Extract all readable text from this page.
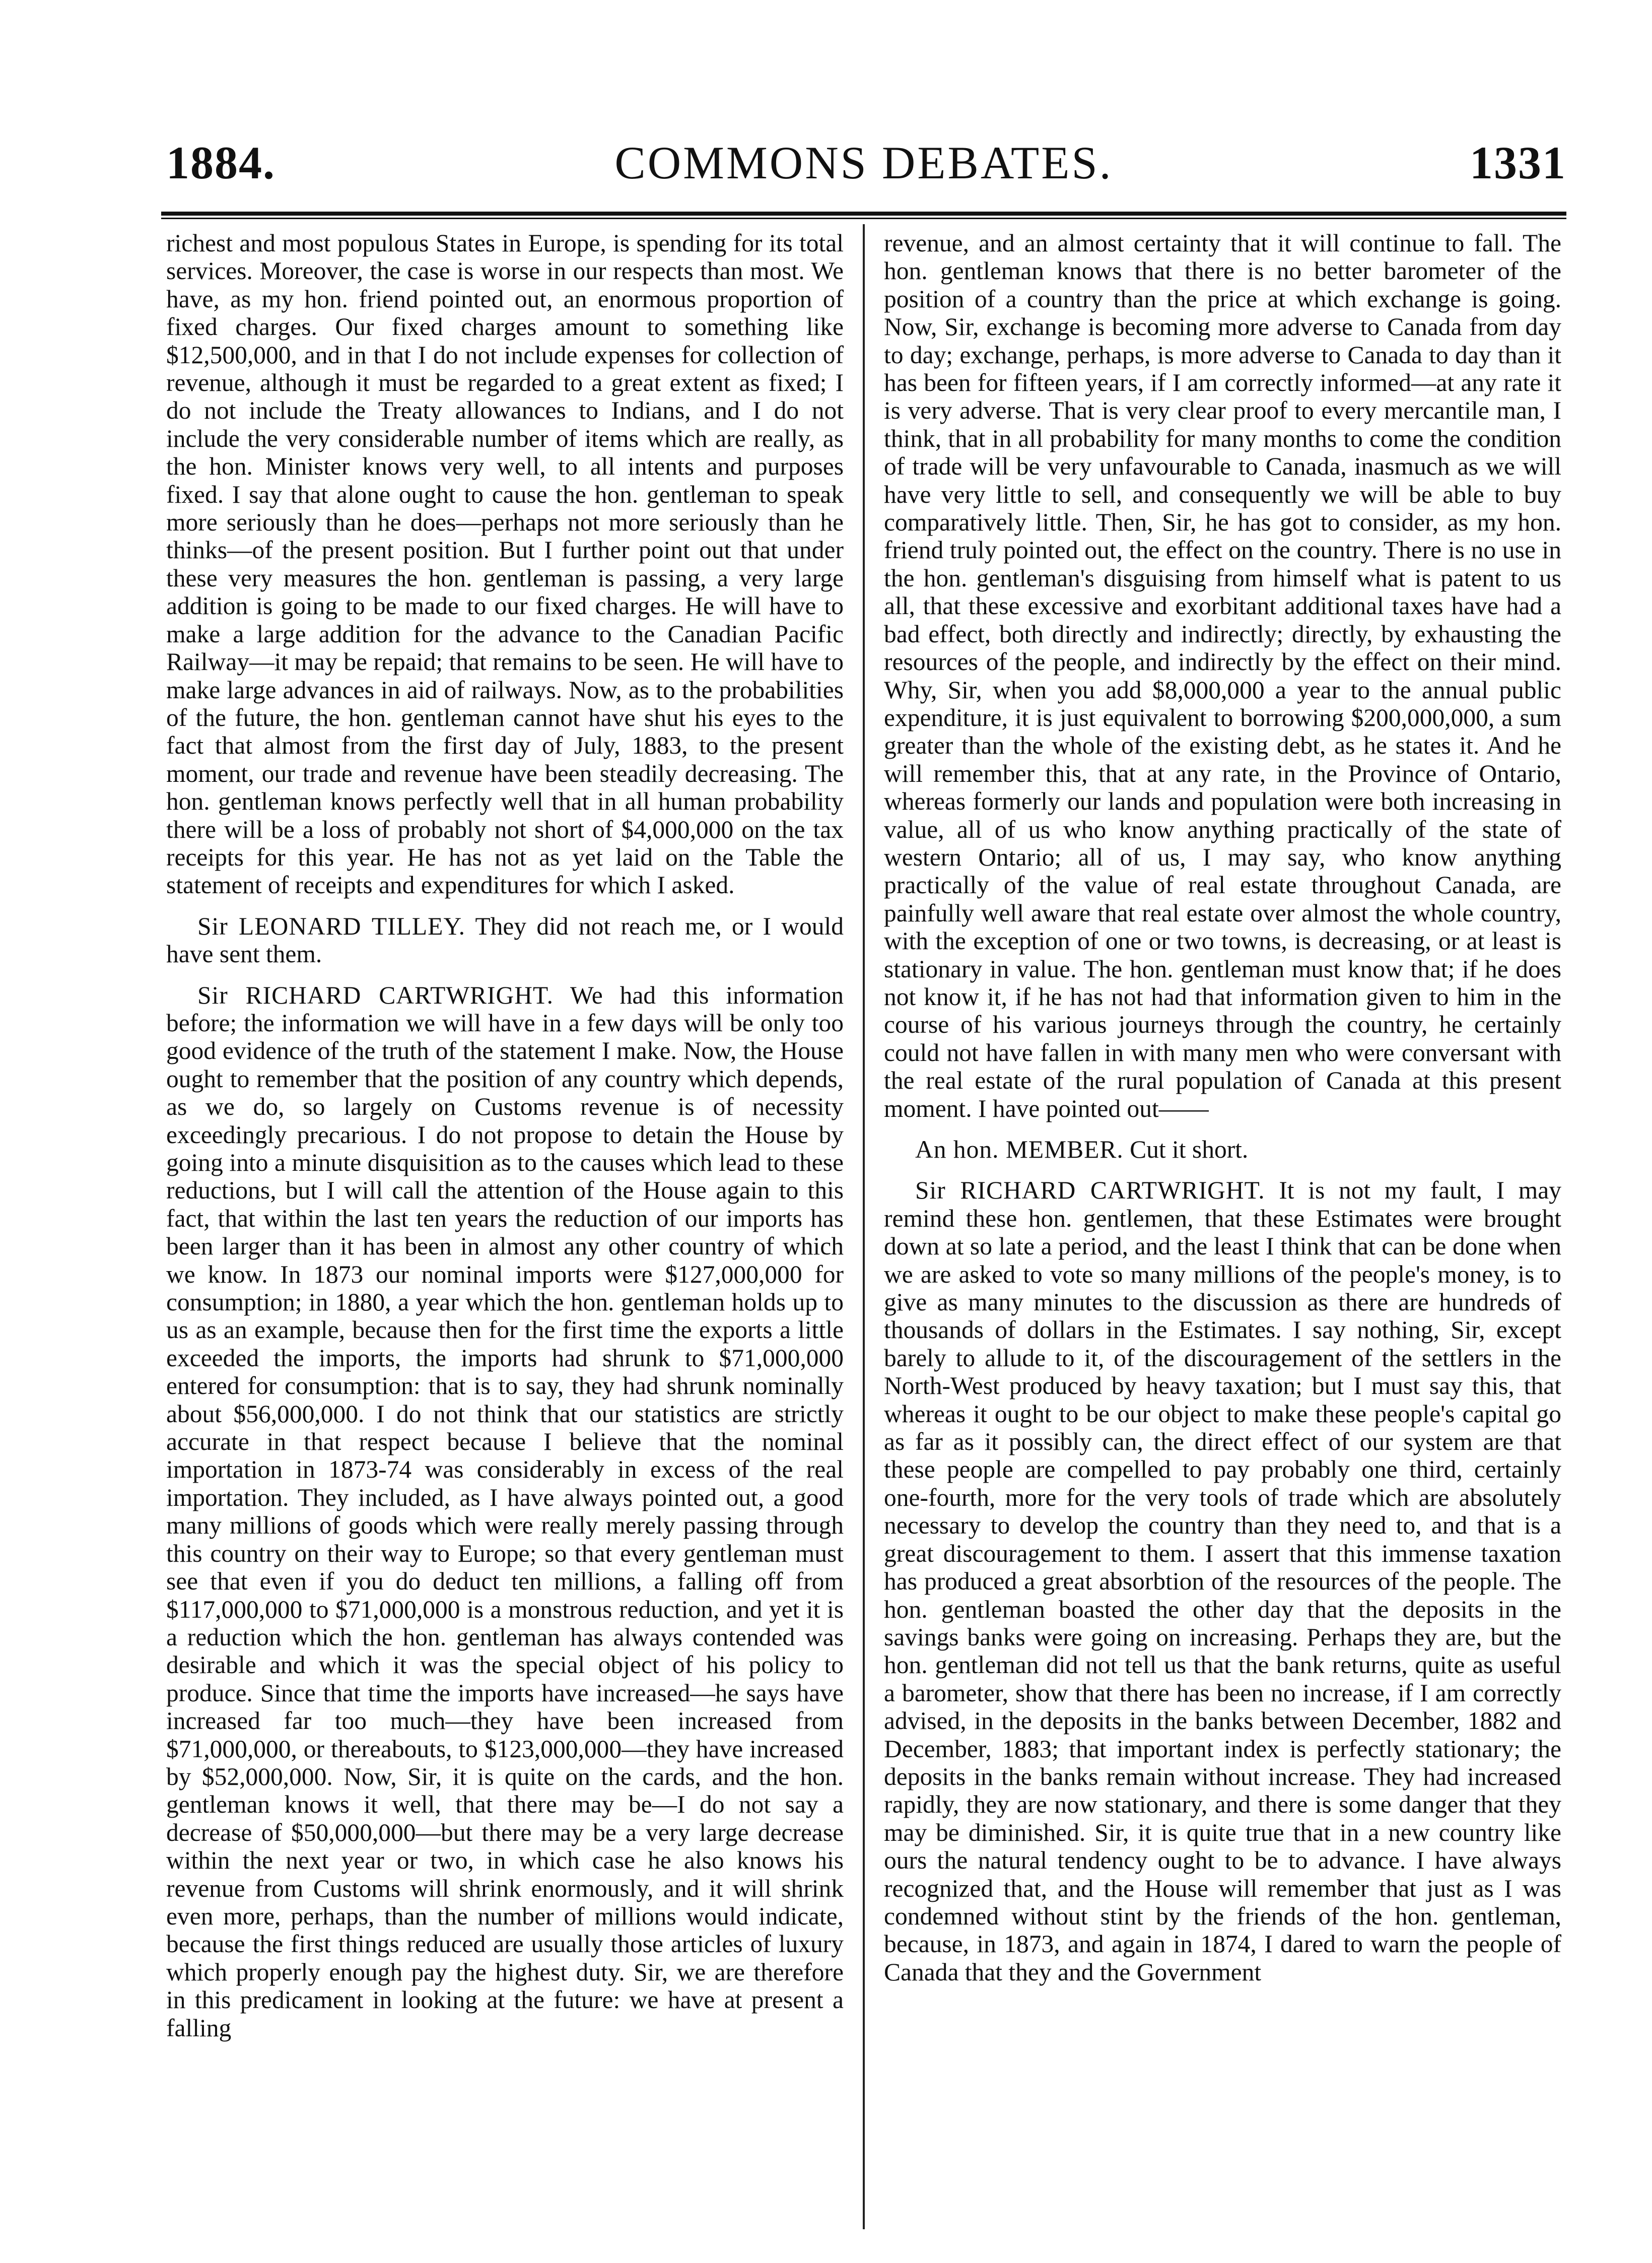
1884.	COMMONS DEBATES.	1331

richest and most populous States in Europe, is spending for its total services. Moreover, the case is worse in our respects than most. We have, as my hon. friend pointed out, an enormous proportion of fixed charges. Our fixed charges amount to something like $12,500,000, and in that I do not include expenses for collection of revenue, although it must be regarded to a great extent as fixed; I do not include the Treaty allowances to Indians, and I do not include the very considerable number of items which are really, as the hon. Minister knows very well, to all intents and purposes fixed. I say that alone ought to cause the hon. gentleman to speak more seriously than he does—perhaps not more seriously than he thinks—of the present position. But I further point out that under these very measures the hon. gentleman is passing, a very large addition is going to be made to our fixed charges. He will have to make a large addition for the advance to the Canadian Pacific Railway—it may be repaid; that remains to be seen. He will have to make large advances in aid of railways. Now, as to the probabilities of the future, the hon. gentleman cannot have shut his eyes to the fact that almost from the first day of July, 1883, to the present moment, our trade and revenue have been steadily decreasing. The hon. gentleman knows perfectly well that in all human probability there will be a loss of probably not short of $4,000,000 on the tax receipts for this year. He has not as yet laid on the Table the statement of receipts and expenditures for which I asked.

Sir LEONARD TILLEY. They did not reach me, or I would have sent them.

Sir RICHARD CARTWRIGHT. We had this information before; the information we will have in a few days will be only too good evidence of the truth of the statement I make. Now, the House ought to remember that the position of any country which depends, as we do, so largely on Customs revenue is of necessity exceedingly precarious. I do not propose to detain the House by going into a minute disquisition as to the causes which lead to these reductions, but I will call the attention of the House again to this fact, that within the last ten years the reduction of our imports has been larger than it has been in almost any other country of which we know. In 1873 our nominal imports were $127,000,000 for consumption; in 1880, a year which the hon. gentleman holds up to us as an example, because then for the first time the exports a little exceeded the imports, the imports had shrunk to $71,000,000 entered for consumption: that is to say, they had shrunk nominally about $56,000,000. I do not think that our statistics are strictly accurate in that respect because I believe that the nominal importation in 1873-74 was considerably in excess of the real importation. They included, as I have always pointed out, a good many millions of goods which were really merely passing through this country on their way to Europe; so that every gentleman must see that even if you do deduct ten millions, a falling off from $117,000,000 to $71,000,000 is a monstrous reduction, and yet it is a reduction which the hon. gentleman has always contended was desirable and which it was the special object of his policy to produce. Since that time the imports have increased—he says have increased far too much—they have been increased from $71,000,000, or thereabouts, to $123,000,000—they have increased by $52,000,000. Now, Sir, it is quite on the cards, and the hon. gentleman knows it well, that there may be—I do not say a decrease of $50,000,000—but there may be a very large decrease within the next year or two, in which case he also knows his revenue from Customs will shrink enormously, and it will shrink even more, perhaps, than the number of millions would indicate, because the first things reduced are usually those articles of luxury which properly enough pay the highest duty. Sir, we are therefore in this predicament in looking at the future: we have at present a falling

revenue, and an almost certainty that it will continue to fall. The hon. gentleman knows that there is no better barometer of the position of a country than the price at which exchange is going. Now, Sir, exchange is becoming more adverse to Canada from day to day; exchange, perhaps, is more adverse to Canada to day than it has been for fifteen years, if I am correctly informed—at any rate it is very adverse. That is very clear proof to every mercantile man, I think, that in all probability for many months to come the condition of trade will be very unfavourable to Canada, inasmuch as we will have very little to sell, and consequently we will be able to buy comparatively little. Then, Sir, he has got to consider, as my hon. friend truly pointed out, the effect on the country. There is no use in the hon. gentleman's disguising from himself what is patent to us all, that these excessive and exorbitant additional taxes have had a bad effect, both directly and indirectly; directly, by exhausting the resources of the people, and indirectly by the effect on their mind. Why, Sir, when you add $8,000,000 a year to the annual public expenditure, it is just equivalent to borrowing $200,000,000, a sum greater than the whole of the existing debt, as he states it. And he will remember this, that at any rate, in the Province of Ontario, whereas formerly our lands and population were both increasing in value, all of us who know anything practically of the state of western Ontario; all of us, I may say, who know anything practically of the value of real estate throughout Canada, are painfully well aware that real estate over almost the whole country, with the exception of one or two towns, is decreasing, or at least is stationary in value. The hon. gentleman must know that; if he does not know it, if he has not had that information given to him in the course of his various journeys through the country, he certainly could not have fallen in with many men who were conversant with the real estate of the rural population of Canada at this present moment. I have pointed out——

An hon. MEMBER. Cut it short.

Sir RICHARD CARTWRIGHT. It is not my fault, I may remind these hon. gentlemen, that these Estimates were brought down at so late a period, and the least I think that can be done when we are asked to vote so many millions of the people's money, is to give as many minutes to the discussion as there are hundreds of thousands of dollars in the Estimates. I say nothing, Sir, except barely to allude to it, of the discouragement of the settlers in the North-West produced by heavy taxation; but I must say this, that whereas it ought to be our object to make these people's capital go as far as it possibly can, the direct effect of our system are that these people are compelled to pay probably one third, certainly one-fourth, more for the very tools of trade which are absolutely necessary to develop the country than they need to, and that is a great discouragement to them. I assert that this immense taxation has produced a great absorbtion of the resources of the people. The hon. gentleman boasted the other day that the deposits in the savings banks were going on increasing. Perhaps they are, but the hon. gentleman did not tell us that the bank returns, quite as useful a barometer, show that there has been no increase, if I am correctly advised, in the deposits in the banks between December, 1882 and December, 1883; that important index is perfectly stationary; the deposits in the banks remain without increase. They had increased rapidly, they are now stationary, and there is some danger that they may be diminished. Sir, it is quite true that in a new country like ours the natural tendency ought to be to advance. I have always recognized that, and the House will remember that just as I was condemned without stint by the friends of the hon. gentleman, because, in 1873, and again in 1874, I dared to warn the people of Canada that they and the Government
